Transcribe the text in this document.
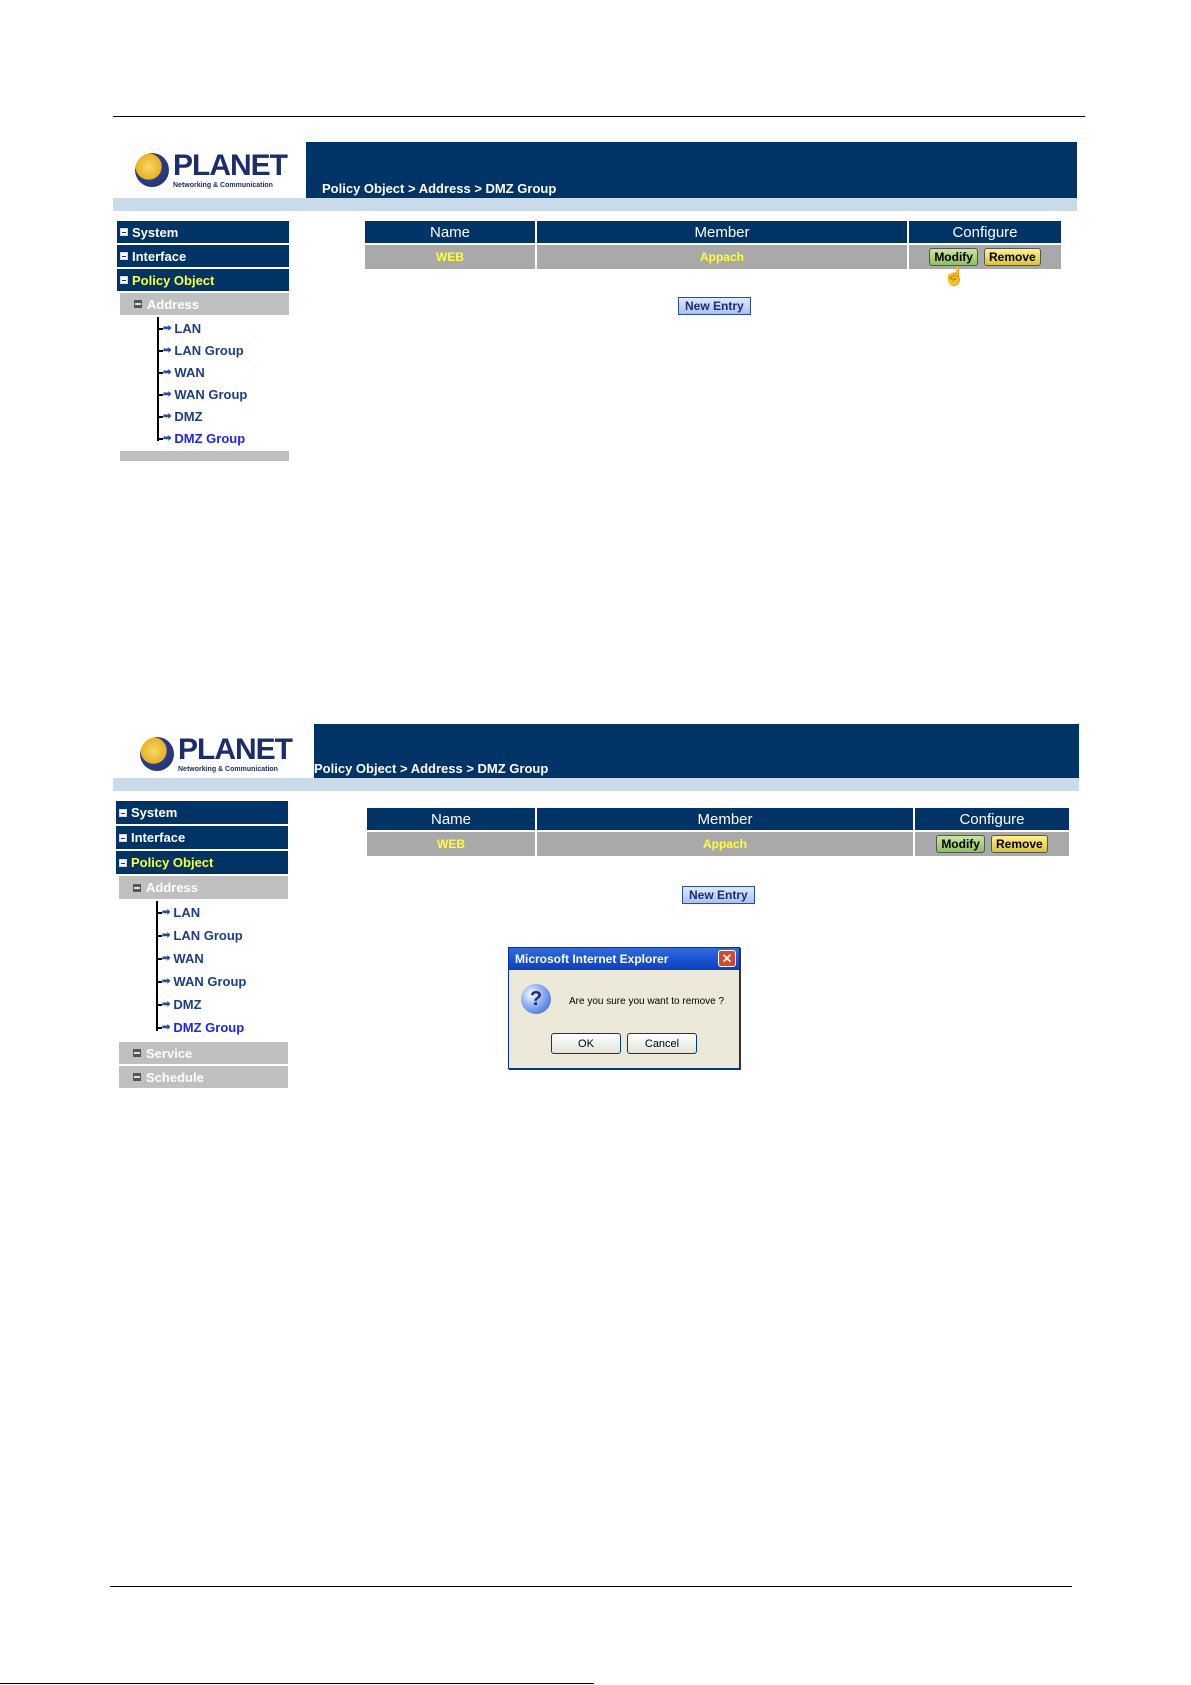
PLANET
Networking & Communication	Policy Object > Address > DMZ Group
System
Interface
Policy Object
Address
➡ LAN
➡ LAN Group
➡ WAN
➡ WAN Group
➡ DMZ
➡ DMZ Group
Name	Member	Configure
WEB	Appach	Modify Remove
☝
New Entry
PLANET
Networking & Communication	Policy Object > Address > DMZ Group
System
Interface
Policy Object
Address
➡ LAN
➡ LAN Group
➡ WAN
➡ WAN Group
➡ DMZ
➡ DMZ Group
Service
Schedule
Name	Member	Configure
WEB	Appach	Modify Remove
New Entry
Microsoft Internet Explorer	✕
?	Are you sure you want to remove ?
OK	Cancel
